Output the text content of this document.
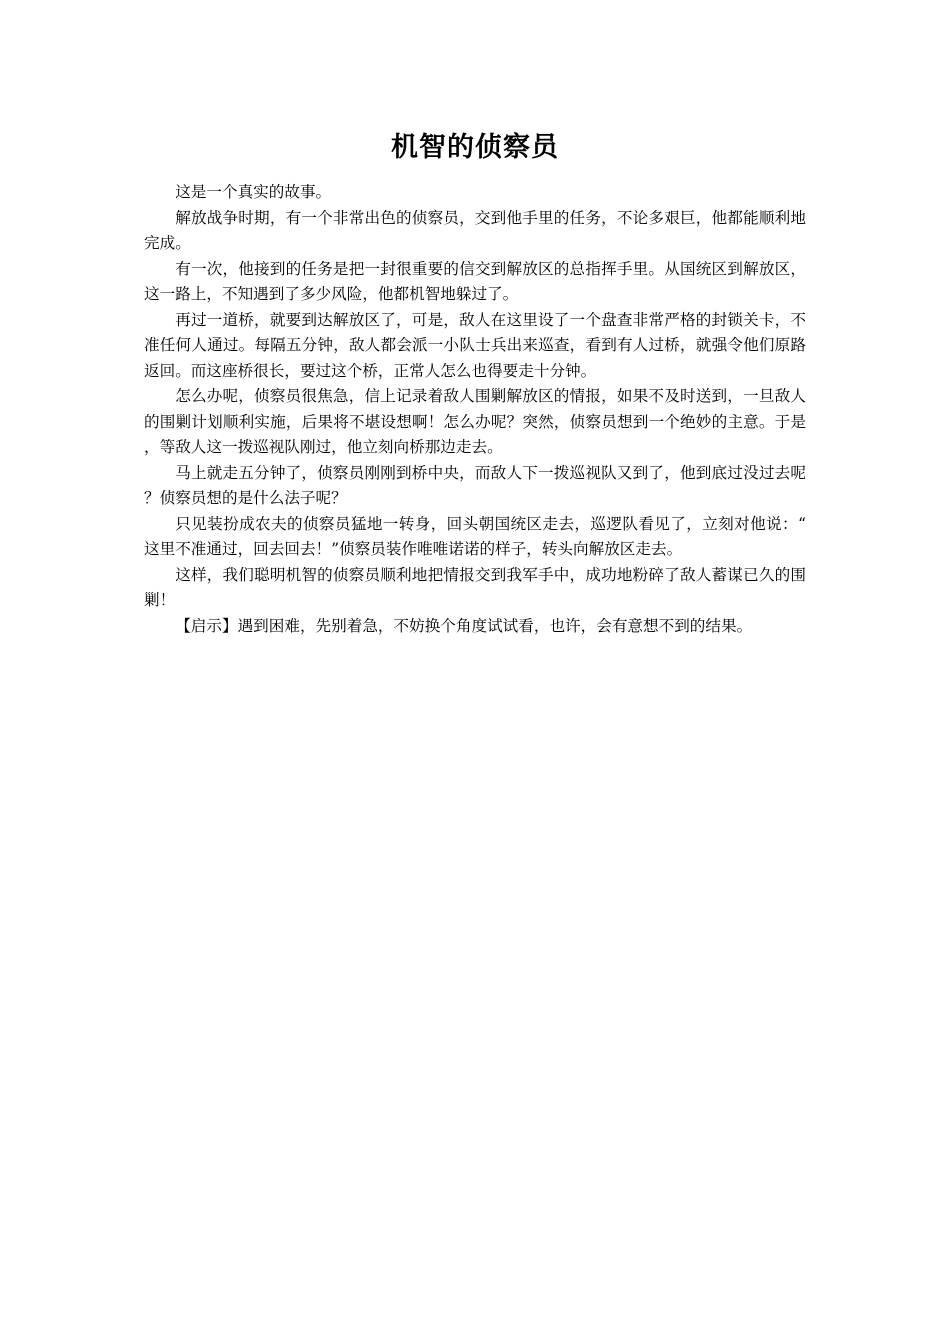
机智的侦察员

这是一个真实的故事。

解放战争时期，有一个非常出色的侦察员，交到他手里的任务，不论多艰巨，他都能顺利地完成。

有一次，他接到的任务是把一封很重要的信交到解放区的总指挥手里。从国统区到解放区，这一路上，不知遇到了多少风险，他都机智地躲过了。

再过一道桥，就要到达解放区了，可是，敌人在这里设了一个盘查非常严格的封锁关卡，不准任何人通过。每隔五分钟，敌人都会派一小队士兵出来巡查，看到有人过桥，就强令他们原路返回。而这座桥很长，要过这个桥，正常人怎么也得要走十分钟。

怎么办呢，侦察员很焦急，信上记录着敌人围剿解放区的情报，如果不及时送到，一旦敌人的围剿计划顺利实施，后果将不堪设想啊！怎么办呢？突然，侦察员想到一个绝妙的主意。于是，等敌人这一拨巡视队刚过，他立刻向桥那边走去。

马上就走五分钟了，侦察员刚刚到桥中央，而敌人下一拨巡视队又到了，他到底过没过去呢？侦察员想的是什么法子呢？

只见装扮成农夫的侦察员猛地一转身，回头朝国统区走去，巡逻队看见了，立刻对他说：“这里不准通过，回去回去！”侦察员装作唯唯诺诺的样子，转头向解放区走去。

这样，我们聪明机智的侦察员顺利地把情报交到我军手中，成功地粉碎了敌人蓄谋已久的围剿！

【启示】遇到困难，先别着急，不妨换个角度试试看，也许，会有意想不到的结果。
